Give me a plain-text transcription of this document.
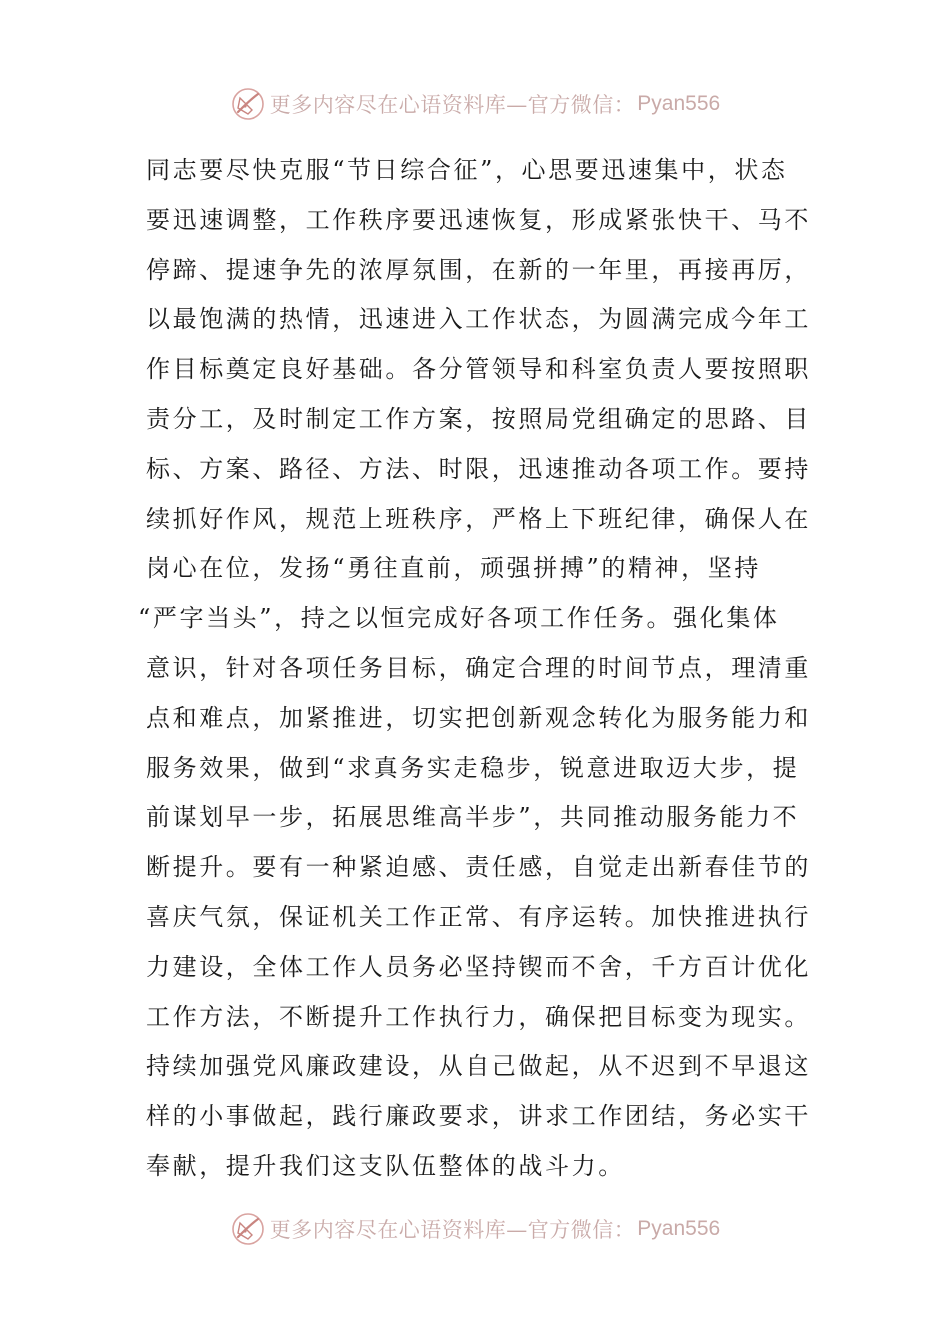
更多内容尽在心语资料库—官方微信： Pyan556
同志要尽快克服“节日综合征”，心思要迅速集中，状态
要迅速调整，工作秩序要迅速恢复，形成紧张快干、马不
停蹄、提速争先的浓厚氛围，在新的一年里，再接再厉，
以最饱满的热情，迅速进入工作状态，为圆满完成今年工
作目标奠定良好基础。各分管领导和科室负责人要按照职
责分工，及时制定工作方案，按照局党组确定的思路、目
标、方案、路径、方法、时限，迅速推动各项工作。要持
续抓好作风，规范上班秩序，严格上下班纪律，确保人在
岗心在位，发扬“勇往直前，顽强拼搏”的精神，坚持
“严字当头”，持之以恒完成好各项工作任务。强化集体
意识，针对各项任务目标，确定合理的时间节点，理清重
点和难点，加紧推进，切实把创新观念转化为服务能力和
服务效果，做到“求真务实走稳步，锐意进取迈大步，提
前谋划早一步，拓展思维高半步”，共同推动服务能力不
断提升。要有一种紧迫感、责任感，自觉走出新春佳节的
喜庆气氛，保证机关工作正常、有序运转。加快推进执行
力建设，全体工作人员务必坚持锲而不舍，千方百计优化
工作方法，不断提升工作执行力，确保把目标变为现实。
持续加强党风廉政建设，从自己做起，从不迟到不早退这
样的小事做起，践行廉政要求，讲求工作团结，务必实干
奉献，提升我们这支队伍整体的战斗力。
更多内容尽在心语资料库—官方微信： Pyan556
